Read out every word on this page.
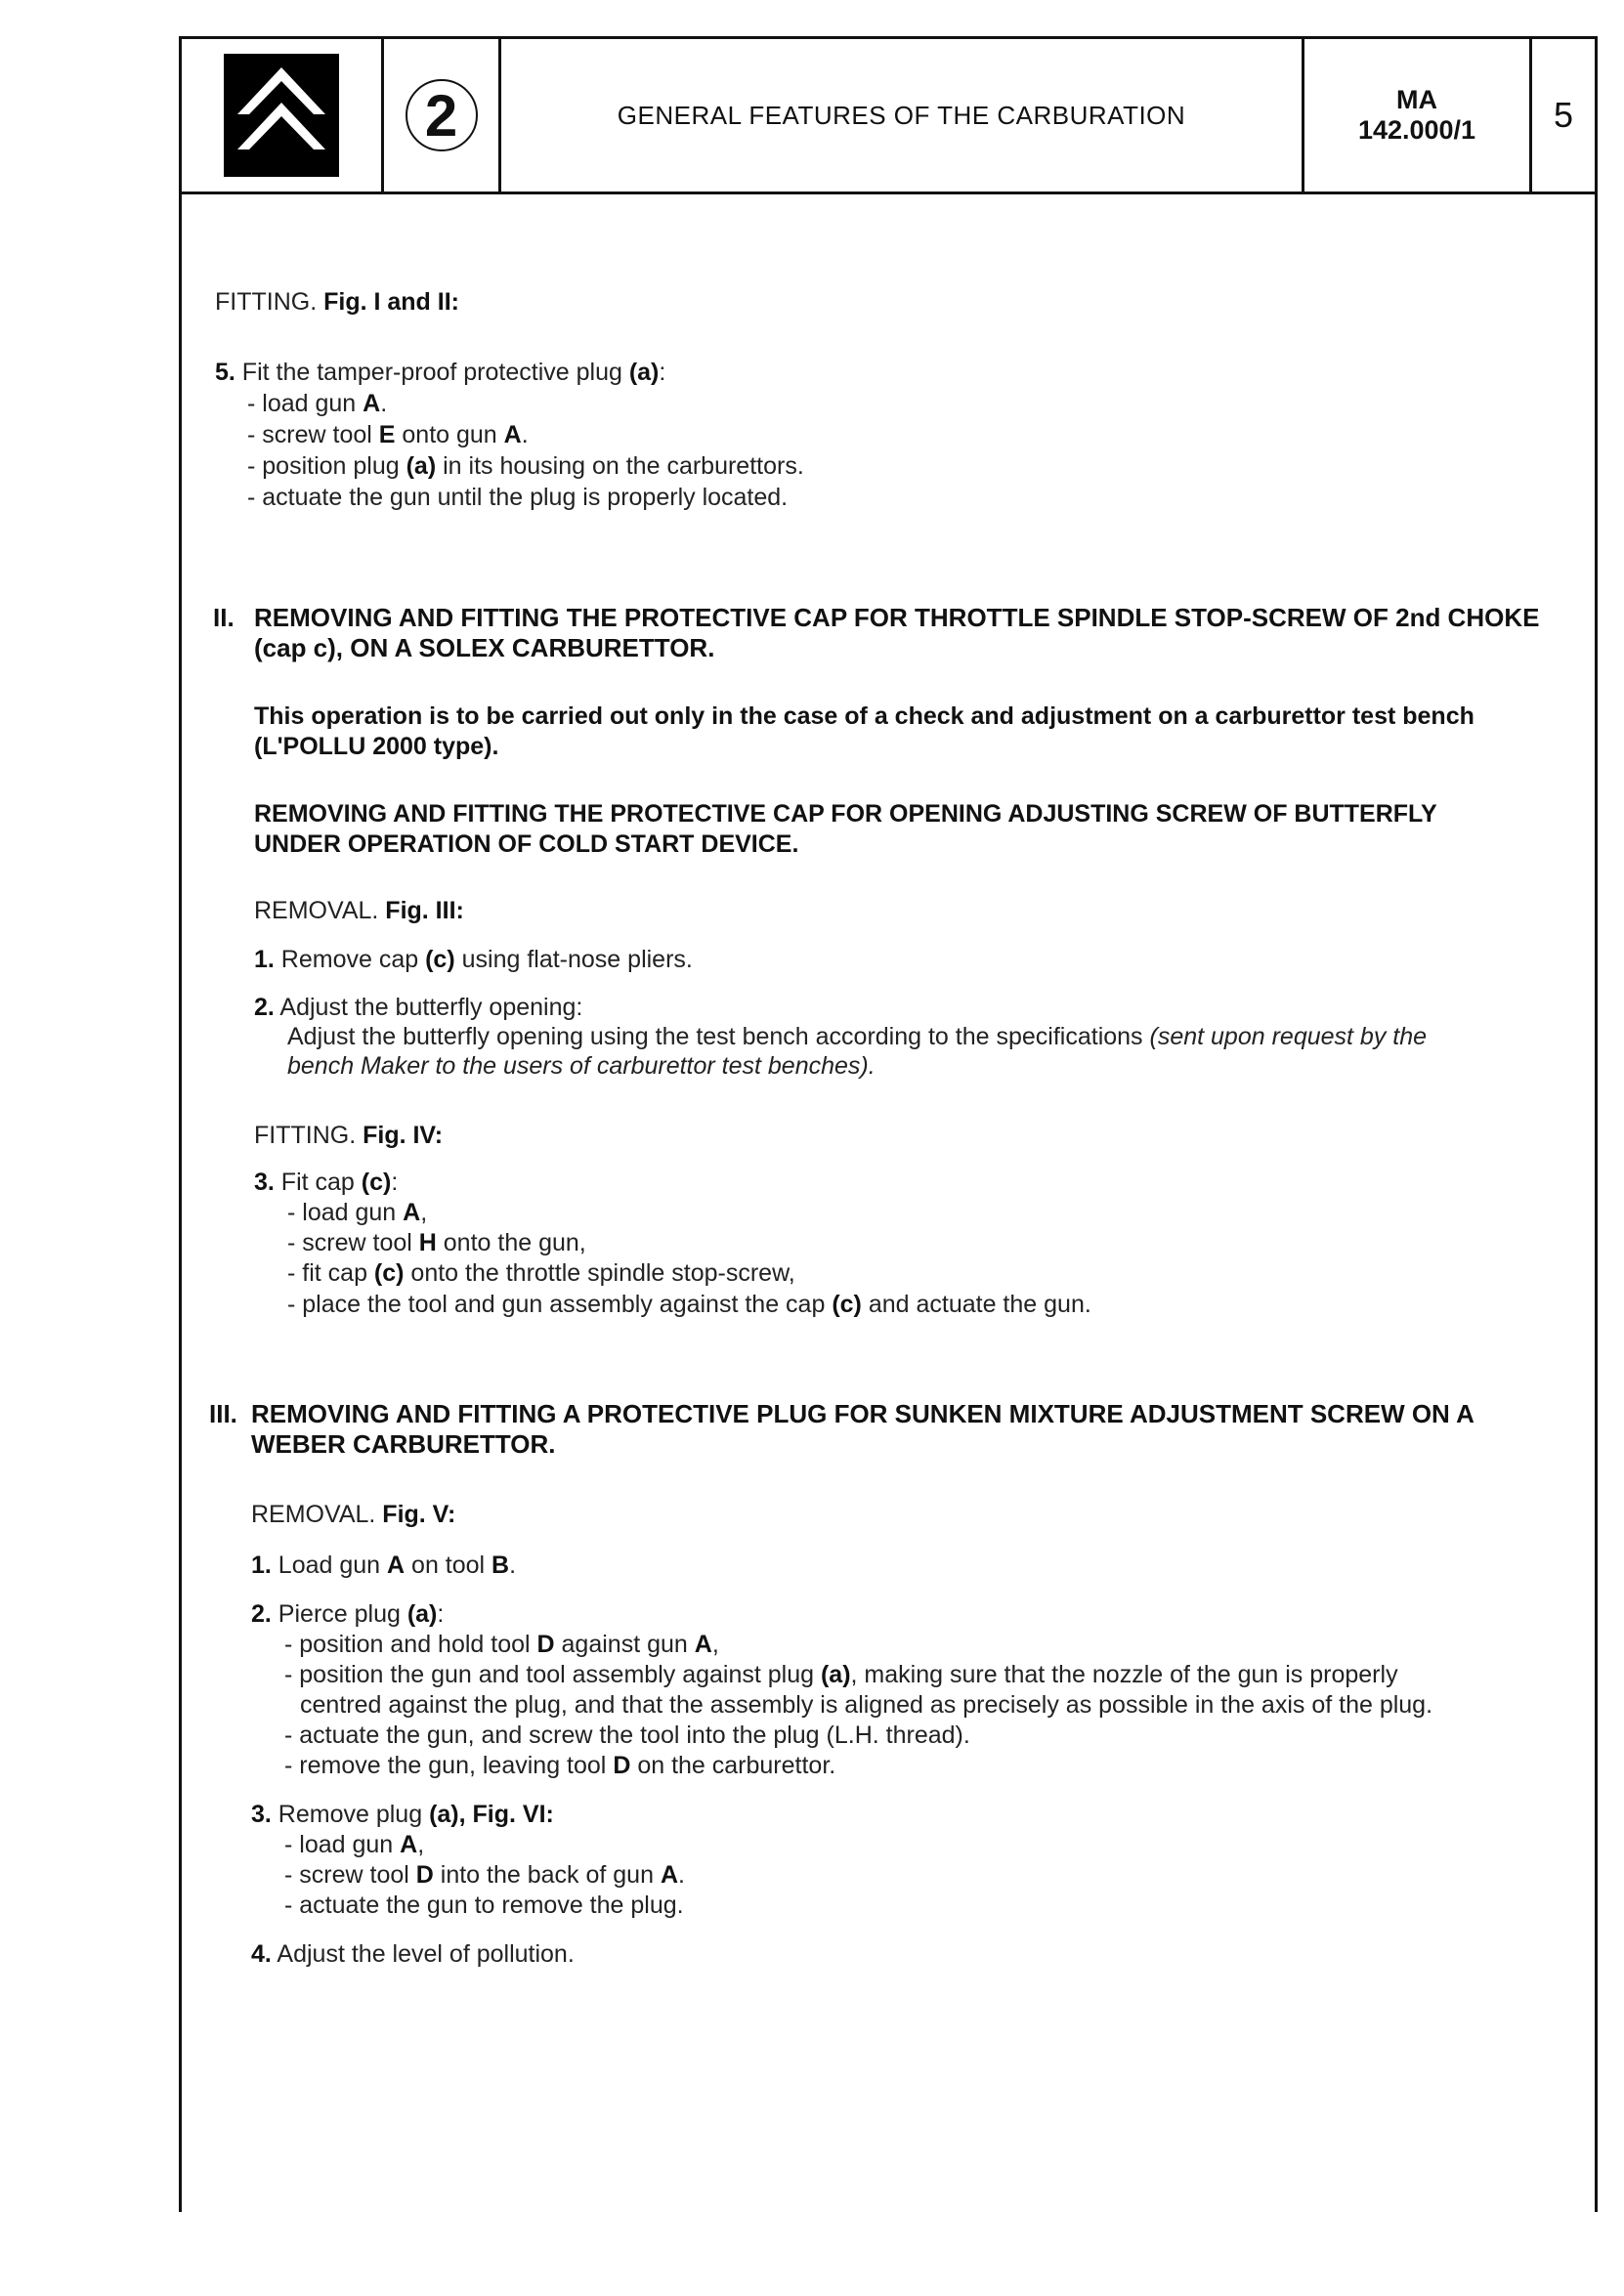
2	GENERAL FEATURES OF THE CARBURATION
MA
142.000/1	5
FITTING. Fig. I and II:
5. Fit the tamper-proof protective plug (a):
- load gun A.
- screw tool E onto gun A.
- position plug (a) in its housing on the carburettors.
- actuate the gun until the plug is properly located.
II. REMOVING AND FITTING THE PROTECTIVE CAP FOR THROTTLE SPINDLE STOP-SCREW OF 2nd CHOKE
(cap c), ON A SOLEX CARBURETTOR.
This operation is to be carried out only in the case of a check and adjustment on a carburettor test bench
(L'POLLU 2000 type).
REMOVING AND FITTING THE PROTECTIVE CAP FOR OPENING ADJUSTING SCREW OF BUTTERFLY
UNDER OPERATION OF COLD START DEVICE.
REMOVAL. Fig. III:
1. Remove cap (c) using flat-nose pliers.
2. Adjust the butterfly opening:
Adjust the butterfly opening using the test bench according to the specifications (sent upon request by the
bench Maker to the users of carburettor test benches).
FITTING. Fig. IV:
3. Fit cap (c):
- load gun A,
- screw tool H onto the gun,
- fit cap (c) onto the throttle spindle stop-screw,
- place the tool and gun assembly against the cap (c) and actuate the gun.
III. REMOVING AND FITTING A PROTECTIVE PLUG FOR SUNKEN MIXTURE ADJUSTMENT SCREW ON A
WEBER CARBURETTOR.
REMOVAL. Fig. V:
1. Load gun A on tool B.
2. Pierce plug (a):
- position and hold tool D against gun A,
- position the gun and tool assembly against plug (a), making sure that the nozzle of the gun is properly
centred against the plug, and that the assembly is aligned as precisely as possible in the axis of the plug.
- actuate the gun, and screw the tool into the plug (L.H. thread).
- remove the gun, leaving tool D on the carburettor.
3. Remove plug (a), Fig. VI:
- load gun A,
- screw tool D into the back of gun A.
- actuate the gun to remove the plug.
4. Adjust the level of pollution.
